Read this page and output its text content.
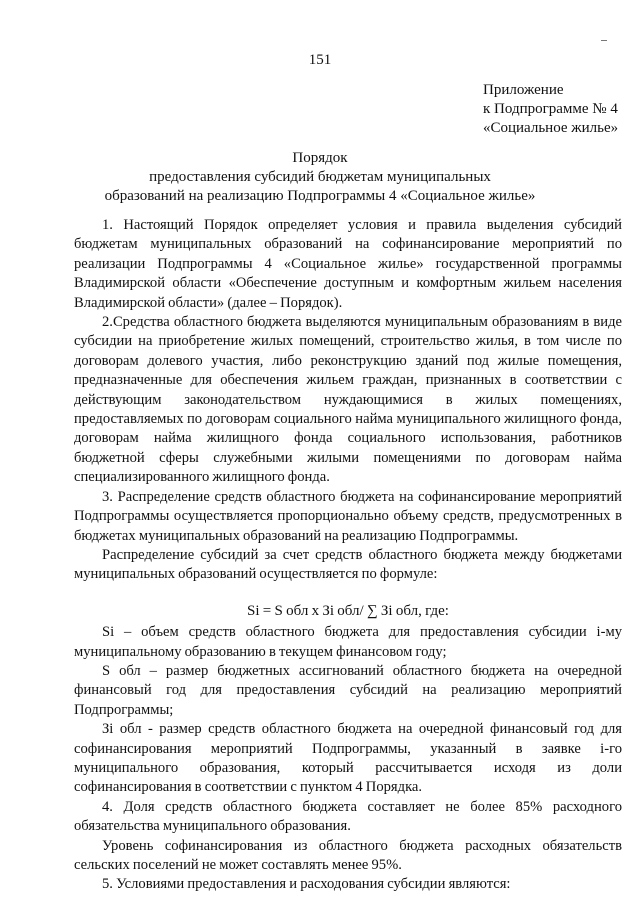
151
Приложение
к Подпрограмме № 4
«Социальное жилье»
Порядок
предоставления субсидий бюджетам муниципальных
образований на реализацию Подпрограммы 4 «Социальное жилье»

1. Настоящий Порядок определяет условия и правила выделения субсидий бюджетам муниципальных образований на софинансирование мероприятий по реализации Подпрограммы 4 «Социальное жилье» государственной программы Владимирской области «Обеспечение доступным и комфортным жильем населения Владимирской области» (далее – Порядок).

2.Средства областного бюджета выделяются муниципальным образованиям в виде субсидии на приобретение жилых помещений, строительство жилья, в том числе по договорам долевого участия, либо реконструкцию зданий под жилые помещения, предназначенные для обеспечения жильем граждан, признанных в соответствии с действующим законодательством нуждающимися в жилых помещениях, предоставляемых по договорам социального найма муниципального жилищного фонда, договорам найма жилищного фонда социального использования, работников бюджетной сферы служебными жилыми помещениями по договорам найма специализированного жилищного фонда.

3. Распределение средств областного бюджета на софинансирование мероприятий Подпрограммы осуществляется пропорционально объему средств, предусмотренных в бюджетах муниципальных образований на реализацию Подпрограммы.

Распределение субсидий за счет средств областного бюджета между бюджетами муниципальных образований осуществляется по формуле:

Si = S обл x Зi обл/ ∑ Зi обл, где:

Si – объем средств областного бюджета для предоставления субсидии i-му муниципальному образованию в текущем финансовом году;

S обл – размер бюджетных ассигнований областного бюджета на очередной финансовый год для предоставления субсидий на реализацию мероприятий Подпрограммы;

Зi обл - размер средств областного бюджета на очередной финансовый год для софинансирования мероприятий Подпрограммы, указанный в заявке i-го муниципального образования, который рассчитывается исходя из доли софинансирования в соответствии с пунктом 4 Порядка.

4. Доля средств областного бюджета составляет не более 85% расходного обязательства муниципального образования.

Уровень софинансирования из областного бюджета расходных обязательств сельских поселений не может составлять менее 95%.

5. Условиями предоставления и расходования субсидии являются:
